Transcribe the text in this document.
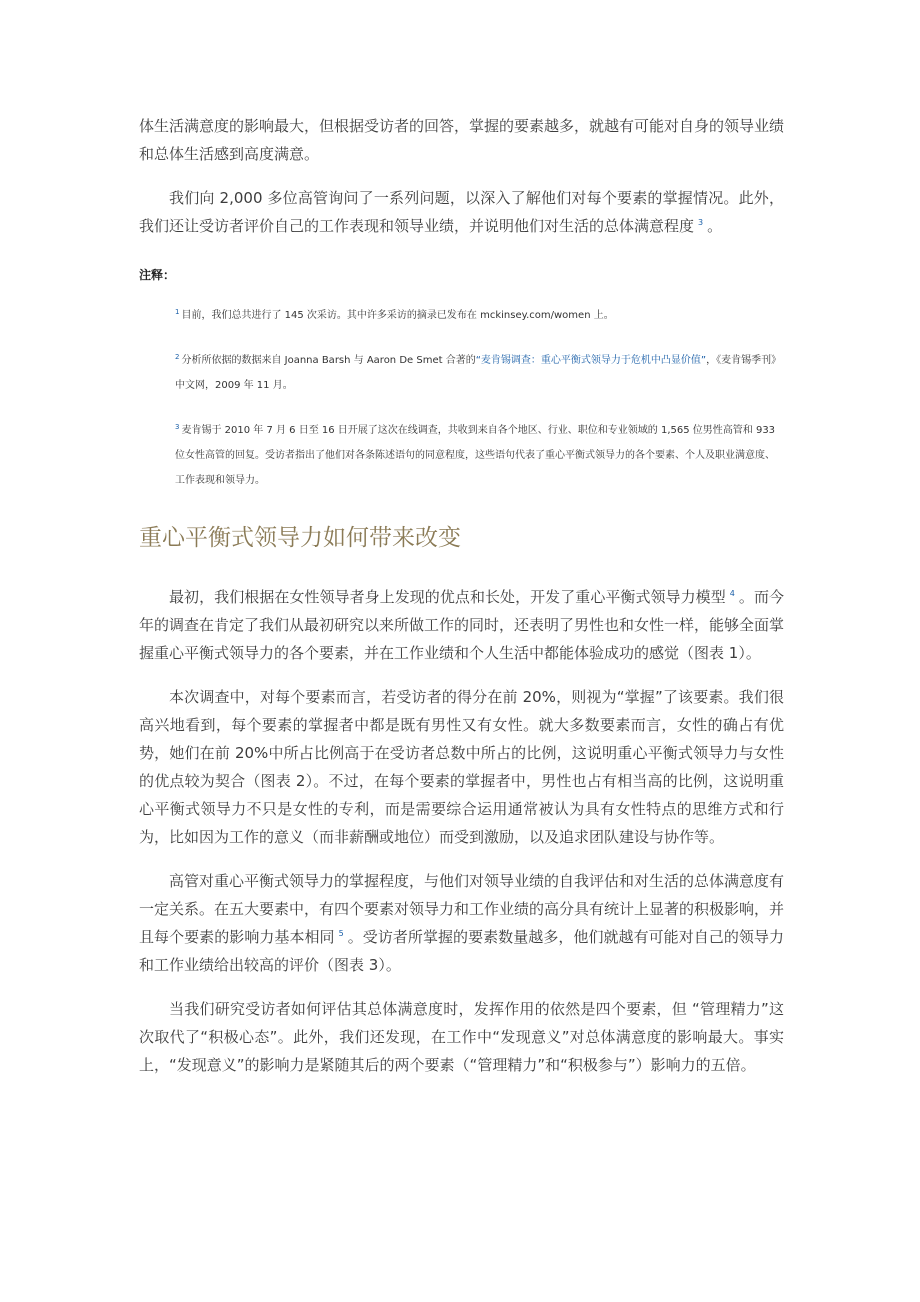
体生活满意度的影响最大，但根据受访者的回答，掌握的要素越多，就越有可能对自身的领导业绩和总体生活感到高度满意。

我们向 2,000 多位高管询问了一系列问题，以深入了解他们对每个要素的掌握情况。此外，我们还让受访者评价自己的工作表现和领导业绩，并说明他们对生活的总体满意程度 $^3$ 。

注释：

$^1$ 目前，我们总共进行了 145 次采访。其中许多采访的摘录已发布在 mckinsey.com/women 上。

$^2$ 分析所依据的数据来自 Joanna Barsh 与 Aaron De Smet 合著的“麦肯锡调查：重心平衡式领导力于危机中凸显价值”，《麦肯锡季刊》中文网，2009 年 11 月。

$^3$ 麦肯锡于 2010 年 7 月 6 日至 16 日开展了这次在线调查，共收到来自各个地区、行业、职位和专业领域的 1,565 位男性高管和 933 位女性高管的回复。受访者指出了他们对各条陈述语句的同意程度，这些语句代表了重心平衡式领导力的各个要素、个人及职业满意度、工作表现和领导力。

重心平衡式领导力如何带来改变

最初，我们根据在女性领导者身上发现的优点和长处，开发了重心平衡式领导力模型 $^4$ 。而今年的调查在肯定了我们从最初研究以来所做工作的同时，还表明了男性也和女性一样，能够全面掌握重心平衡式领导力的各个要素，并在工作业绩和个人生活中都能体验成功的感觉（图表 1）。

本次调查中，对每个要素而言，若受访者的得分在前 20%，则视为“掌握”了该要素。我们很高兴地看到，每个要素的掌握者中都是既有男性又有女性。就大多数要素而言，女性的确占有优势，她们在前 20%中所占比例高于在受访者总数中所占的比例，这说明重心平衡式领导力与女性的优点较为契合（图表 2）。不过，在每个要素的掌握者中，男性也占有相当高的比例，这说明重心平衡式领导力不只是女性的专利，而是需要综合运用通常被认为具有女性特点的思维方式和行为，比如因为工作的意义（而非薪酬或地位）而受到激励，以及追求团队建设与协作等。

高管对重心平衡式领导力的掌握程度，与他们对领导业绩的自我评估和对生活的总体满意度有一定关系。在五大要素中，有四个要素对领导力和工作业绩的高分具有统计上显著的积极影响，并且每个要素的影响力基本相同 $^5$ 。受访者所掌握的要素数量越多，他们就越有可能对自己的领导力和工作业绩给出较高的评价（图表 3）。

当我们研究受访者如何评估其总体满意度时，发挥作用的依然是四个要素，但 “管理精力”这次取代了“积极心态”。此外，我们还发现，在工作中“发现意义”对总体满意度的影响最大。事实上，“发现意义”的影响力是紧随其后的两个要素（“管理精力”和“积极参与”）影响力的五倍。
